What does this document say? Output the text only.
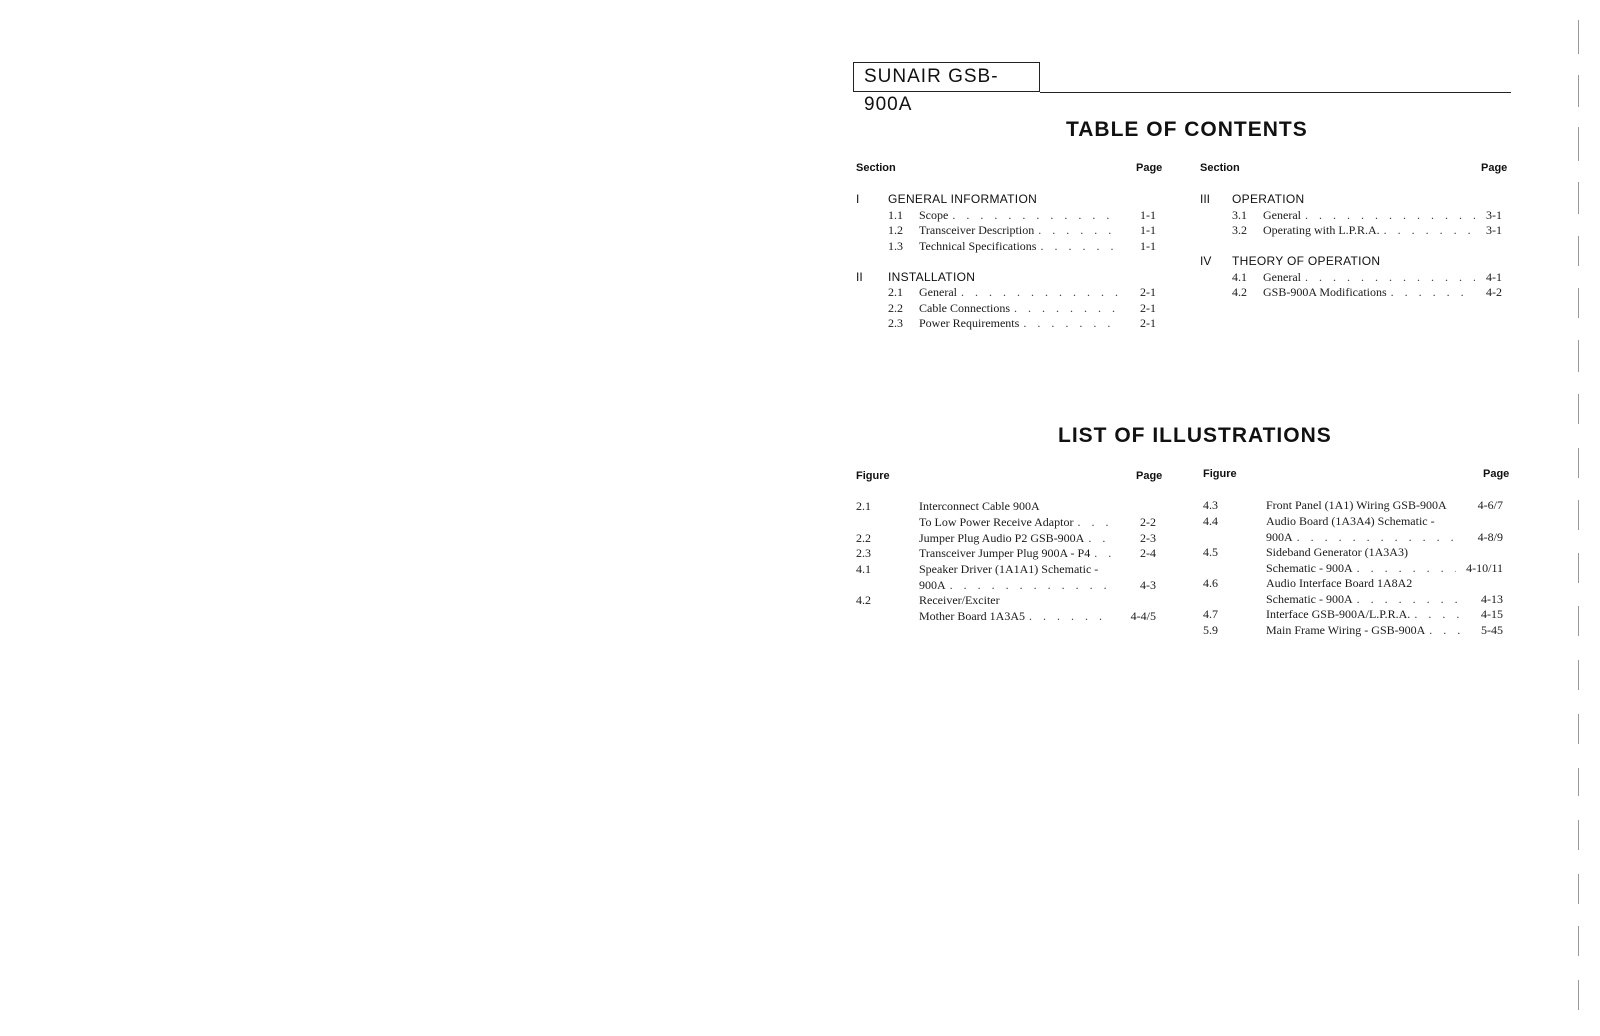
SUNAIR GSB-900A
TABLE OF CONTENTS
Section	Page	Section	Page
I GENERAL INFORMATION
1.1 Scope . . .	1-1
1.2 Transceiver Description . . .	1-1
1.3 Technical Specifications . . .	1-1
II INSTALLATION
2.1 General . . .	2-1
2.2 Cable Connections . . .	2-1
2.3 Power Requirements . . .	2-1
III OPERATION
3.1 General . . .	3-1
3.2 Operating with L.P.R.A. . . .	3-1
IV THEORY OF OPERATION
4.1 General . . .	4-1
4.2 GSB-900A Modifications . . .	4-2
LIST OF ILLUSTRATIONS
Figure	Page	Figure	Page
2.1	Interconnect Cable 900A
To Low Power Receive Adaptor . . .	2-2
2.2	Jumper Plug Audio P2 GSB-900A . . .	2-3
2.3	Transceiver Jumper Plug 900A - P4 . . .	2-4
4.1	Speaker Driver (1A1A1) Schematic -
900A . . .	4-3
4.2	Receiver/Exciter
Mother Board 1A3A5 . . .	4-4/5
4.3	Front Panel (1A1) Wiring GSB-900A	4-6/7
4.4	Audio Board (1A3A4) Schematic -
900A . . .	4-8/9
4.5	Sideband Generator (1A3A3)
Schematic - 900A . . .	4-10/11
4.6	Audio Interface Board 1A8A2
Schematic - 900A . . .	4-13
4.7	Interface GSB-900A/L.P.R.A. . . .	4-15
5.9	Main Frame Wiring - GSB-900A . . .	5-45
